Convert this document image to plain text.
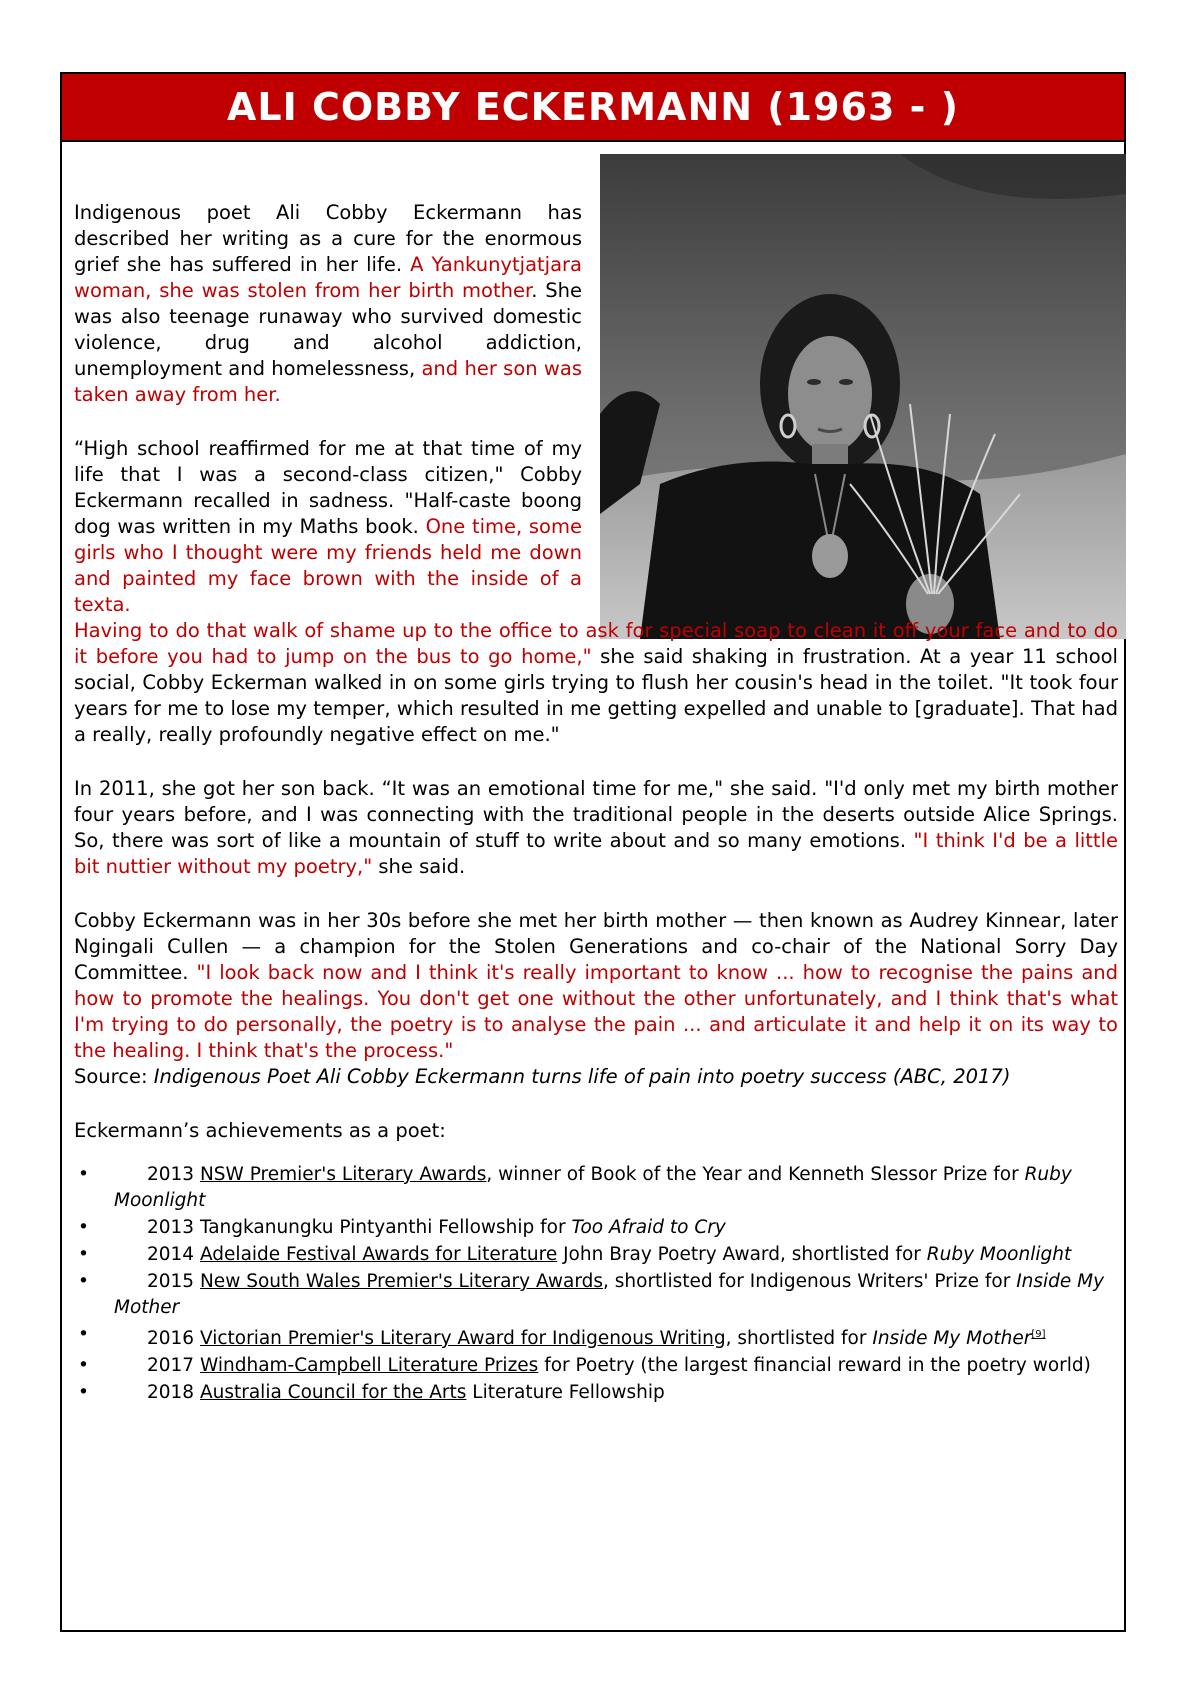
ALI COBBY ECKERMANN (1963 - )

Indigenous poet Ali Cobby Eckermann has described her writing as a cure for the enormous grief she has suffered in her life. A Yankunytjatjara woman, she was stolen from her birth mother. She was also teenage runaway who survived domestic violence, drug and alcohol addiction, unemployment and homelessness, and her son was taken away from her.

“High school reaffirmed for me at that time of my life that I was a second-class citizen," Cobby Eckermann recalled in sadness. "Half-caste boong dog was written in my Maths book. One time, some girls who I thought were my friends held me down and painted my face brown with the inside of a texta.
Having to do that walk of shame up to the office to ask for special soap to clean it off your face and to do it before you had to jump on the bus to go home," she said shaking in frustration. At a year 11 school social, Cobby Eckerman walked in on some girls trying to flush her cousin's head in the toilet. "It took four years for me to lose my temper, which resulted in me getting expelled and unable to [graduate]. That had a really, really profoundly negative effect on me."

In 2011, she got her son back. “It was an emotional time for me," she said. "I'd only met my birth mother four years before, and I was connecting with the traditional people in the deserts outside Alice Springs. So, there was sort of like a mountain of stuff to write about and so many emotions. "I think I'd be a little bit nuttier without my poetry," she said.

Cobby Eckermann was in her 30s before she met her birth mother — then known as Audrey Kinnear, later Ngingali Cullen — a champion for the Stolen Generations and co-chair of the National Sorry Day Committee. "I look back now and I think it's really important to know ... how to recognise the pains and how to promote the healings. You don't get one without the other unfortunately, and I think that's what I'm trying to do personally, the poetry is to analyse the pain ... and articulate it and help it on its way to the healing. I think that's the process."

Source: Indigenous Poet Ali Cobby Eckermann turns life of pain into poetry success (ABC, 2017)

Eckermann’s achievements as a poet:

•	2013 NSW Premier's Literary Awards, winner of Book of the Year and Kenneth Slessor Prize for Ruby Moonlight
•	2013 Tangkanungku Pintyanthi Fellowship for Too Afraid to Cry
•	2014 Adelaide Festival Awards for Literature John Bray Poetry Award, shortlisted for Ruby Moonlight
•	2015 New South Wales Premier's Literary Awards, shortlisted for Indigenous Writers' Prize for Inside My Mother
•	2016 Victorian Premier's Literary Award for Indigenous Writing, shortlisted for Inside My Mother[9]
•	2017 Windham-Campbell Literature Prizes for Poetry (the largest financial reward in the poetry world)
•	2018 Australia Council for the Arts Literature Fellowship
